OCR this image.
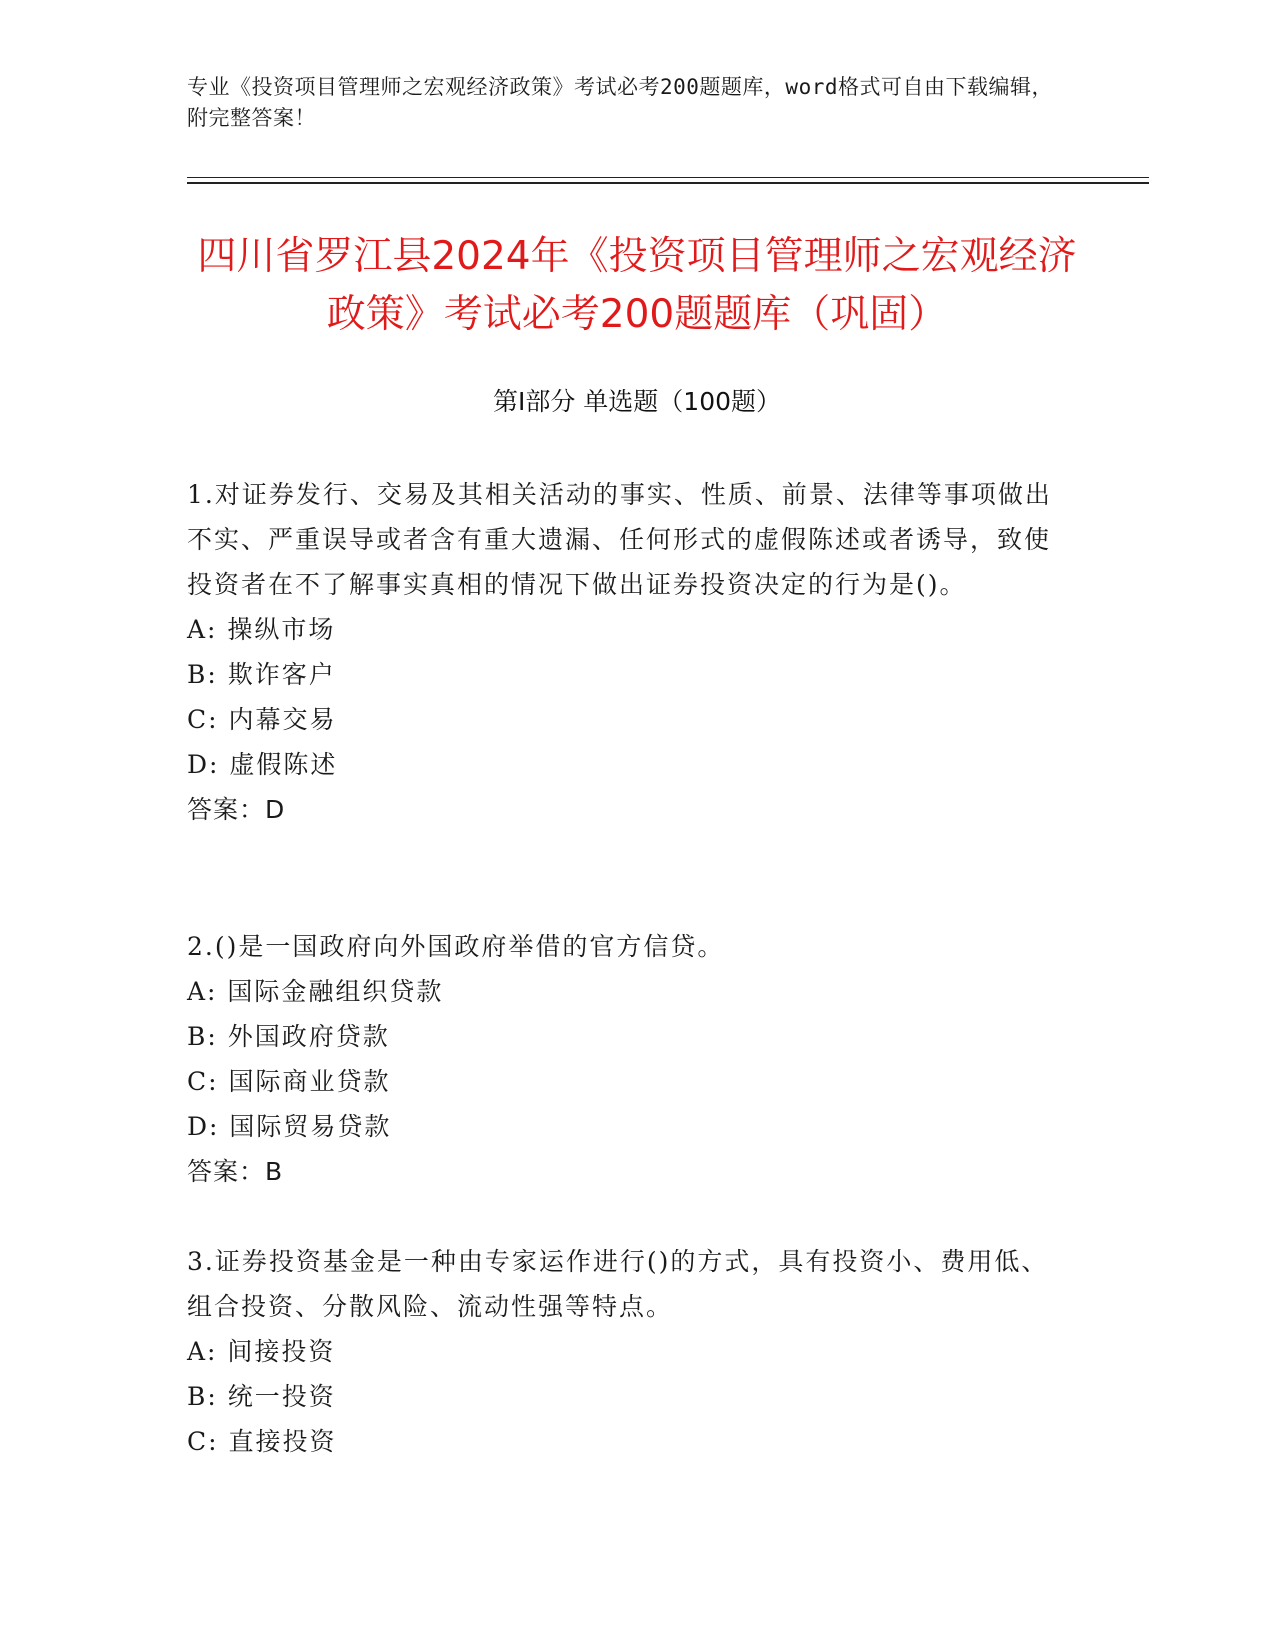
专业《投资项目管理师之宏观经济政策》考试必考200题题库，word格式可自由下载编辑，附完整答案！
四川省罗江县2024年《投资项目管理师之宏观经济政策》考试必考200题题库（巩固）
第I部分 单选题（100题）

1.对证券发行、交易及其相关活动的事实、性质、前景、法律等事项做出不实、严重误导或者含有重大遗漏、任何形式的虚假陈述或者诱导，致使投资者在不了解事实真相的情况下做出证券投资决定的行为是()。

A: 操纵市场

B: 欺诈客户

C: 内幕交易

D: 虚假陈述

答案：D

2.()是一国政府向外国政府举借的官方信贷。

A: 国际金融组织贷款

B: 外国政府贷款

C: 国际商业贷款

D: 国际贸易贷款

答案：B

3.证券投资基金是一种由专家运作进行()的方式，具有投资小、费用低、组合投资、分散风险、流动性强等特点。

A: 间接投资

B: 统一投资

C: 直接投资
